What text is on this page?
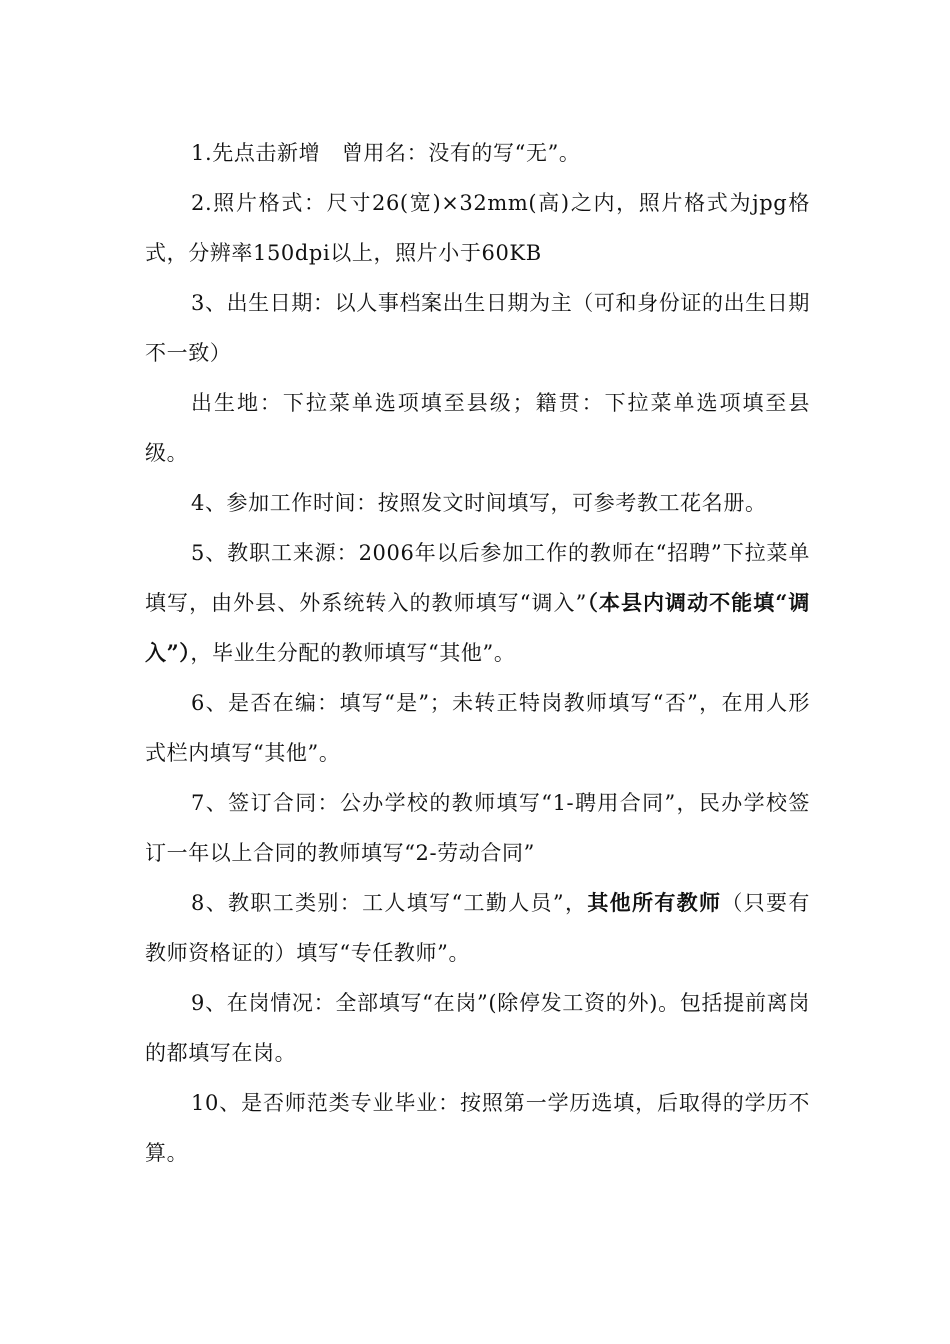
1.先点击新增　曾用名：没有的写“无”。

2.照片格式：尺寸26(宽)×32mm(高)之内，照片格式为jpg格式，分辨率150dpi以上，照片小于60KB

3、出生日期：以人事档案出生日期为主（可和身份证的出生日期不一致）

出生地：下拉菜单选项填至县级；籍贯：下拉菜单选项填至县级。

4、参加工作时间：按照发文时间填写，可参考教工花名册。

5、教职工来源：2006年以后参加工作的教师在“招聘”下拉菜单填写，由外县、外系统转入的教师填写“调入”（本县内调动不能填“调入”），毕业生分配的教师填写“其他”。

6、是否在编：填写“是”；未转正特岗教师填写“否”，在用人形式栏内填写“其他”。

7、签订合同：公办学校的教师填写“1-聘用合同”，民办学校签订一年以上合同的教师填写“2-劳动合同”

8、教职工类别：工人填写“工勤人员”，其他所有教师（只要有教师资格证的）填写“专任教师”。

9、在岗情况：全部填写“在岗”(除停发工资的外)。包括提前离岗的都填写在岗。

10、是否师范类专业毕业：按照第一学历选填，后取得的学历不算。
